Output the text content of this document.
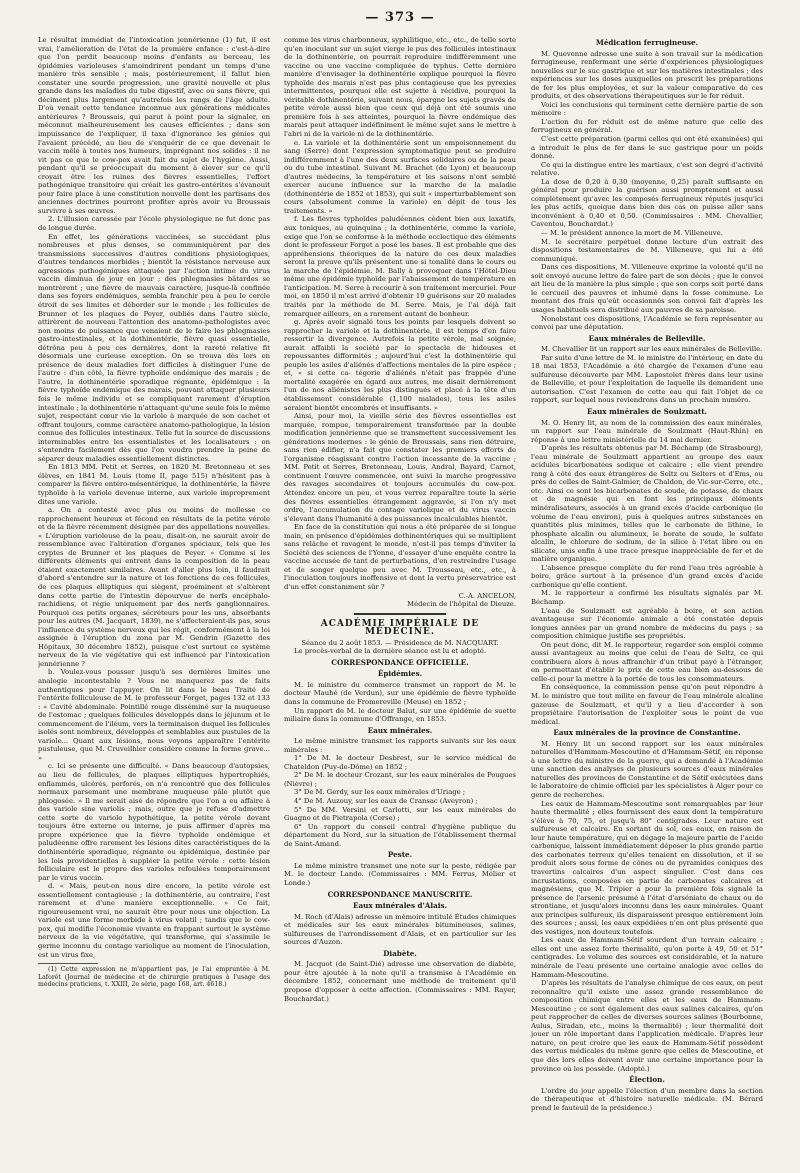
— 373 —

Le résultat immédiat de l'intoxication jennérienne (1) fut, il est vrai, l'amélioration de l'état de la première enfance : c'est-à-dire que l'on perdit beaucoup moins d'enfants au berceau, les épidémies varioleuses s'amoindrirent pendant un temps d'une manière très sensible ; mais, postérieurement, il fallut bien constater une sourde progression, une gravité nouvelle et plus grande dans les maladies du tube digestif, avec ou sans fièvre, qui déciment plus largement qu'autrefois les rangs de l'âge adulte. D'où venait cette tendance inconnue aux générations médicales antérieures ? Broussais, qui parut à point pour la signaler, en méconnut malheureusement les causes efficientes ; dans son impuissance de l'expliquer, il taxa d'ignorance les génies qui l'avaient précédé, au lieu de s'enquérir de ce que devenait le vaccin mêlé à toutes nos humeurs, imprégnant nos solides : il ne vit pas ce que le cow-pox avait fait du sujet de l'hygiène. Aussi, pendant qu'il se préoccupait du moment à élever sur ce qu'il croyait être les ruines des fièvres essentielles, l'effort pathogénique transitoire qui créait les gastro-entérites s'évanouit pour faire place à une constitution nouvelle dont les partisans des anciennes doctrines pourront profiter après avoir vu Broussais survivre à ses œuvres.

2. L'illusion caressée par l'école physiologique ne fut donc pas de longue durée.

En effet, les générations vaccinées, se succédant plus nombreuses et plus denses, se communiquèrent par des transmissions successives d'autres conditions physiologiques, d'autres tendances morbides ; bientôt la résistance nerveuse aux agressions pathogéniques attaquée par l'action intime du virus vaccin diminua de jour en jour ; des phlegmasies bâtardes se montrèrent ; une fièvre de mauvais caractère, jusque-là confinée dans ses foyers endémiques, sembla franchir peu à peu le cercle étroit de ses limites et déborder sur le monde ; les follicules de Brunner et les plaques de Peyer, oubliés dans l'autre siècle, attirèrent de nouveau l'attention des anatomo-pathologistes avec non moins de puissance que venaient de le faire les phlegmasies gastro-intestinales, et la dothinentérie, fièvre quasi essentielle, détrôna peu à peu ces dernières, dont la rareté relative fit désormais une curieuse exception. On se trouva dès lors en présence de deux maladies fort difficiles à distinguer l'une de l'autre : d'un côté, la fièvre typhoïde endémique des marais ; de l'autre, la dothinentérie sporadique régnante, épidémique : la fièvre typhoïde endémique des marais, pouvant attaquer plusieurs fois le même individu et se compliquant rarement d'éruption intestinale ; la dothinentérie n'attaquant qu'une seule fois le même sujet, respectant cœur vie la variole à marquée de son cachet et offrant toujours, comme caractère anatomo-pathologique, la lésion connue des follicules intestinaux. Telle fut la source de discussions interminables entre les essentialistes et les localisateurs : on s'entendra facilement dès que l'on voudra prendre la peine de séparer deux maladies essentiellement distinctes.

En 1813 MM. Petit et Serres, en 1820 M. Bretonneau et ses élèves, en 1841 M. Louis (tome II, page 515) n'hésitent pas à comparer la fièvre entéro-mésentérique, la dothinentérie, la fièvre typhoïde à la variole devenue interne, aux variole improprement dites une variole.

a. On a contesté avec plus ou moins de mollesse ce rapprochement heureux et fécond en résultats de la petite vérole et de la fièvre récemment désignée par des appellations nouvelles. « L'éruption varioleuse de la peau, disait-on, ne saurait avoir de ressemblance avec l'altération d'organes spéciaux, tels que les cryptes de Brunner et les plaques de Peyer. » Comme si les différents éléments qui entrent dans la composition de la peau étaient exactement similaires. Avant d'aller plus loin, il faudrait d'abord s'entendre sur la nature et les fonctions de ces follicules, de ces plaques elliptiques qui siègent, proéminent et s'altèrent dans cette partie de l'intestin dépourvue de nerfs encéphalo-rachidiens, et régie uniquement par des nerfs ganglionnaires. Pourquoi ces petits organes, sécréteurs pour les uns, absorbants pour les autres (M. Jacquart, 1839), ne s'affecteraient-ils pas, sous l'influence du système nerveux qui les régit, conformément à la loi assignée à l'éruption du zona par M. Gendrin (Gazette des Hôpitaux, 30 décembre 1852), puisque c'est surtout ce système nerveux de la vie végétative qui est influencé par l'intoxication jennérienne ?

b. Voulez-vous pousser jusqu'à ses dernières limites une analogie incontestable ? Vous ne manquerez pas de faits authentiques pour l'appuyer. On lit dans le beau Traité de l'entérite folliculeuse de M. le professeur Forget, pages 132 et 133 : « Cavité abdominale. Pointillé rouge disséminé sur la muqueuse de l'estomac ; quelques follicules développés dans le jéjunum et le commencement de l'iléum, vers la terminaison duquel les follicules isolés sont nombreux, développés et semblables aux pustules de la variole... Quant aux lésions, nous voyons apparaître l'entérite pustuleuse, que M. Cruveilhier considère comme la forme grave... »

c. Ici se présente une difficulté. « Dans beaucoup d'autopsies, au lieu de follicules, de plaques elliptiques hypertrophiés, enflammés, ulcérés, perforés, on n'a rencontré que des follicules normaux parsemant une membrane muqueuse pâle plutôt que phlogosée. » Il me serait aisé de répondre que l'on a eu affaire à des variole sine variolis ; mais, outre que je refuse d'admettre cette sorte de variole hypothétique, la petite vérole devant toujours être externe ou interne, je puis affirmer d'après ma propre expérience que la fièvre typhoïde endémique et paludéenne offre rarement les lésions dites caractéristiques de la dothinentérie sporadique, régnante ou épidémique, destinée par les lois providentielles à suppléer la petite vérole : cette lésion folliculaire est le propre des varioles refoulées temporairement par le virus vaccin.

d. « Mais, peut-on nous dire encore, la petite vérole est essentiellement contagieuse ; la dothinentérie, au contraire, l'est rarement et d'une manière exceptionnelle. » Ce fait, rigoureusement vrai, ne saurait être pour nous une objection. La variole est une forme morbide à virus volatil ; tandis que le cow-pox, qui modifie l'économie vivante en frappant surtout le système nerveux de la vie végétative, qui transforme, qui s'assimile le germe inconnu du contage variolique au moment de l'inoculation, est un virus fixe,

(1) Cette expression ne m'appartient pas, je l'ai empruntée à M. Laforêt (Journal de médecine et de chirurgie pratiques à l'usage des médecins praticiens, t. XXIII, 2e série, page 168, art. 4618.)

comme les virus charbonneux, syphilitique, etc., etc., de telle sorte qu'en inoculant sur un sujet vierge le pus des follicules intestinaux de la dothinentérie, on pourrait reproduire indifféremment une vaccine ou une vaccine compliquée de typhus. Cette dernière manière d'envisager la dothinentérie explique pourquoi la fièvre typhoïde des marais n'est pas plus contagieuse que les pyrexies intermittentes, pourquoi elle est sujette à récidive, pourquoi la véritable dothinentérie, suivant nous, épargne les sujets gravés de petite vérole aussi bien que ceux qui déjà ont été soumis une première fois à ses atteintes, pourquoi la fièvre endémique des marais peut attaquer indéfiniment le même sujet sans le mettre à l'abri ni de la variole ni de la dothinentérie.

e. La variole et la dothinentérie sont un empoisonnement du sang (Serre) dont l'expression symptomatique peut se produire indifféremment à l'une des deux surfaces solidaires ou de la peau ou du tube intestinal. Suivant M. Brachet (de Lyon) et beaucoup d'autres médecins, la température et les saisons n'ont semblé exercer aucune influence sur la marche de la maladie (dothinentérie de 1852 et 1853), qui suit « imperturbablement son cours (absolument comme la variole) en dépit de tous les traitements. »

f. Les fièvres typhoïdes paludéennes cèdent bien aux laxatifs, aux toniques, au quinquina ; la dothinentérie, comme la variole, exige que l'on se conforme à la méthode ecclectique des éléments dont le professeur Forget a posé les bases. Il est probable que des appréhensions théoriques de la nature de ces deux maladies seront la preuve qu'ils présentent une si tonalité dans le cours ou la marche de l'épidémie. M. Bally à provoquer dans l'Hôtel-Dieu même une épidémie typhoïde par l'abaissement de température en l'anticipation. M. Serre à recourir à son traitement mercuriel. Pour moi, en 1850 il m'est arrivé d'obtenir 19 guérisons sur 20 malades traités par la méthode de M. Serre. Mais, je l'ai déjà fait remarquer ailleurs, on a rarement autant de bonheur.

g. Après avoir signalé tous les points par lesquels doivent se rapprocher la variole et la dothinentérie, il est temps d'en faire ressortir la divergence. Autrefois la petite vérole, mal soignée, aurait affaibli la société par le spectacle de hideuses et repoussantes difformités ; aujourd'hui c'est la dothinentérie qui peuple les asiles d'aliénés d'affections mentales de la pire espèce ; et, « si cette ca- tégorie d'aliénés n'était pas frappée d'une mortalité exagérée en égard aux autres, me disait dernièrement l'un de nos aliénistes les plus distingués et placé à la tête d'un établissement considérable (1,100 malades), tous les asiles seraient bientôt encombrés et insuffisants. »

Ainsi, pour moi, la vieille série des fièvres essentielles est marquée, rompue, temporairement transformée par la double modification jennérienne que se transmettent successivement les générations modernes : le génie de Broussais, sans rien détruire, sans rien édifier, n'a fait que constater les premiers efforts de l'organisme réagissant contre l'action incessante de la vaccine ; MM. Petit et Serres, Bretonneau, Louis, Andral, Bayard, Carnot, continuent l'œuvre commencée, ont suivi la marche progressive des ravages secondaires et toujours accumulés du cow-pox. Attendez encore un peu, et vous verrez reparaître toute la série des fièvres essentielles étrangement aggravée, si l'on n'y met ordre, l'accumulation du contage variolique et du virus vaccin s'élevant dans l'humanité à des puissances incalculables bientôt.

En face de la constitution qui nous a été préparée de si longue main, en présence d'épidémies dothinentériques qui se multiplient sans relâche et ravagent le monde, n'est-il pas temps d'inviter la Société des sciences de l'Yonne, d'essayer d'une enquête contre la vaccine accusée de tant de perturbations, d'en restreindre l'usage et de songer quelque peu avec M. Trousseau, etc., etc., à l'inoculation toujours inoffensive et dont la vertu préservatrice est d'un effet constamment sûr ?

C.-A. ANCELON,

Médecin de l'hôpital de Dieuze.

ACADÉMIE IMPÉRIALE DE MÉDECINE.

Séance du 2 août 1853. — Présidence de M. NACQUART.

Le procès-verbal de la dernière séance est lu et adopté.

CORRESPONDANCE OFFICIELLE.
Épidémies.

M. le ministre du commerce transmet un rapport de M. le docteur Mauhé (de Verdun), sur une épidémie de fièvre typhoïde dans la commune de Fromereville (Meuse) en 1852 ;

Un rapport de M. le docteur Balut, sur une épidémie de suette miliaire dans la commune d'Offrange, en 1853.

Eaux minérales.

Le même ministre transmet les rapports suivants sur les eaux minérales :

1° De M. le docteur Desbrest, sur le service médical de Chateldon (Puy-de-Dôme) en 1852 ;

2° De M. le docteur Crozant, sur les eaux minérales de Pougues (Nièvre) ;

3° De M. Gerdy, sur les eaux minérales d'Uriage ;

4° De M. Auzouy, sur les eaux de Cransac (Aveyron) ;

5° De MM. Versini et Carlotti, sur les eaux minérales de Guagno et de Pietrapola (Corse) ;

6° Un rapport du conseil central d'hygiène publique du département du Nord, sur la situation de l'établissement thermal de Saint-Amand.

Peste.

Le même ministre transmet une note sur la peste, rédigée par M. le docteur Lando. (Commissaires : MM. Ferrus, Mélier et Londe.)

CORRESPONDANCE MANUSCRITE.
Eaux minérales d'Alais.

M. Roch (d'Alais) adresse un mémoire intitulé Études chimiques et médicales sur les eaux minérales bitumineuses, salines, sulfureuses de l'arrondissement d'Alais, et en particulier sur les sources d'Auzon.

Diabète.

M. Jacquot (de Saint-Dié) adresse une observation de diabète, pour être ajoutée à la note qu'il a transmise à l'Académie en décembre 1852, concernant une méthode de traitement qu'il propose d'opposer à cette affection. (Commissaires : MM. Rayer, Bouchardat.)

Médication ferrugineuse.

M. Quevenne adresse une suite à son travail sur la médication ferrugineuse, renfermant une série d'expériences physiologiques nouvelles sur le suc gastrique et sur les matières intestinales ; des expériences sur les doses auxquelles on prescrit les préparations de fer les plus employées, et sur la valeur comparative de ces produits, et des observations thérapeutiques sur le fer réduit.

Voici les conclusions qui terminent cette dernière partie de son mémoire :

L'action du fer réduit est de même nature que celle des ferrugineux en général.

C'est cette préparation (parmi celles qui ont été examinées) qui a introduit le plus de fer dans le suc gastrique pour un poids donné.

Ce qui la distingue entre les martiaux, c'est son degré d'activité relative.

La dose de 0,20 à 0,30 (moyenne, 0,25) paraît suffisante en général pour produire la guérison aussi promptement et aussi complètement qu'avec les composés ferrugineux réputés jusqu'ici les plus actifs, quoique dans bien des cas on puisse aller sans inconvénient à 0,40 et 0,50. (Commissaires : MM. Chevallier, Caventou, Bouchardat.)

— M. le président annonce la mort de M. Villeneuve.

M. le secrétaire perpétuel donne lecture d'un extrait des dispositions testamentaires de M. Villeneuve, qui lui a été communiqué.

Dans ces dispositions, M. Villeneuve exprime la volonté qu'il ne soit envoyé aucune lettre de faire part de son décès ; que le convoi ait lieu de la manière la plus simple ; que son corps soit porté dans le cercueil des pauvres et inhumé dans la fosse commune. Le montant des frais qu'eût occasionnés son convoi fait d'après les usages habituels sera distribué aux pauvres de sa paroisse.

Nonobstant ces dispositions, l'Académie se fera représenter au convoi par une députation.

Eaux minérales de Belleville.

M. Chevallier lit un rapport sur les eaux minérales de Belleville.

Par suite d'une lettre de M. le ministre de l'intérieur, en date du 18 mai 1853, l'Académie a été chargée de l'examen d'une eau sulfureuse découverte par MM. Lapostolet frères dans leur usine de Belleville, et pour l'exploitation de laquelle ils demandent une autorisation. C'est l'examen de cette eau qui fait l'objet de ce rapport, sur lequel nous reviendrons dans un prochain numéro.

Eaux minérales de Soulzmatt.

M. O. Henry lit, au nom de la commission des eaux minérales, un rapport sur l'eau minérale de Soulzmatt (Haut-Rhin) en réponse à une lettre ministérielle du 14 mai dernier.

D'après les résultats obtenus par M. Béchamp (de Strasbourg), l'eau minérale de Soulzmatt appartient au groupe des eaux acidules bicarbonatées sodique et calcaire ; elle vient prendre rang à côté des eaux étrangères de Seltz ou Selters et d'Ems, ou près de celles de Saint-Galmier, de Chaldon, de Vic-sur-Cerre, etc., etc. Ainsi ce sont les bicarbonates de soude, de potasse, de chaux et de magnésie qui en font les principaux éléments minéralisateurs, associés à un grand excès d'acide carbonique (le volume de l'eau environ), puis à quelques autres substances en quantités plus minimes, telles que le carbonate de lithine, le phosphate alcalin ou alumineux, le borate de soude, le sulfate alcalin, le chlorure de sodium, de la silice à l'état libre ou en silicate, unis enfin à une trace presque inappréciable de fer et de matière organique.

L'absence presque complète du fer rend l'eau très agréable à boire, grâce surtout à la présence d'un grand excès d'acide carbonique qu'elle contient.

M. le rapporteur a confirmé les résultats signalés par M. Béchamp.

L'eau de Soulzmatt est agréable à boire, et son action avantageuse sur l'économie animale a été constatée depuis longues années par un grand nombre de médecins du pays ; sa composition chimique justifie ses propriétés.

On peut donc, dit M. le rapporteur, regarder son emploi comme aussi avantageux au moins que celui de l'eau de Seltz, ce qui contribuera alors à nous affranchir d'un tribut payé à l'étranger, en permettant d'établir le prix de cette eau bien au-dessous de celle-ci pour la mettre à la portée de tous les consommateurs.

En conséquence, la commission pense qu'on peut répondre à M. le ministre que tout milite en faveur de l'eau minérale alcaline gazeuse de Soulzmatt, et qu'il y a lieu d'accorder à son propriétaire l'autorisation de l'exploiter sous le point de vue médical.

Eaux minérales de la province de Constantine.

M. Henry lit un second rapport sur les eaux minérales naturelles d'Hammam-Mescoutine et d'Hammam-Sétif, en réponse à une lettre du ministre de la guerre, qui a demandé à l'Académie une sanction des analyses de plusieurs sources d'eaux minérales naturelles des provinces de Constantine et de Sétif exécutées dans le laboratoire de chimie officiel par les spécialistes à Alger pour ce genre de recherches.

Les eaux de Hammam-Mescoutine sont remarquables par leur haute thermalité ; elles fournissent des eaux dont la température s'élève à 70, 75, et jusqu'à 80° centigrades. Leur nature est sulfureuse et calcaire. En sortant du sol, ces eaux, en raison de leur haute température, qui en dégage la majeure partie de l'acide carbonique, laissent immédiatement déposer la plus grande partie des carbonates terreux qu'elles tenaient en dissolution, et il se produit alors sous forme de cônes ou de pyramides coniques des travertins calcaires d'un aspect singulier. C'est dans ces incrustations, composées en partie de carbonates calcaires et magnésiens, que M. Tripier a pour la première fois signalé la présence de l'arsenic présumé à l'état d'arséniate de chaux ou de strontiane, et jusqu'alors inconnu dans les eaux minérales. Quant aux principes sulfureux, ils disparaissent presque entièrement loin des sources ; aussi, les eaux expédiées n'en ont plus présenté que des vestiges, non douteux toutefois.

Les eaux de Hammam-Sétif sourdent d'un terrain calcaire ; elles ont une assez forte thermalité, qu'on porte à 49, 50 et 51° centigrades. Le volume des sources est considérable, et la nature minérale de l'eau présente une certaine analogie avec celles de Hammam-Mescoutine.

D'après les résultats de l'analyse chimique de ces eaux, on peut reconnaître qu'il existe une assez grande ressemblance de composition chimique entre elles et les eaux de Hammam-Mescoutine ; ce sont également des eaux salines calcaires, qu'on peut rapprocher de celles de diverses sources salines (Bourbonne, Aulus, Siradan, etc., moins la thermalité) ; leur thermalité doit jouer un rôle important dans l'application médicale. D'après leur nature, on peut croire que les eaux de Hammam-Sétif possèdent des vertus médicales du même genre que celles de Mescoutine, et que dès lors elles doivent avoir une certaine importance pour la province où les possède. (Adopté.)

Élection.

L'ordre du jour appelle l'élection d'un membre dans la section de thérapeutique et d'histoire naturelle médicale. (M. Bérard prend le fauteuil de la présidence.)
